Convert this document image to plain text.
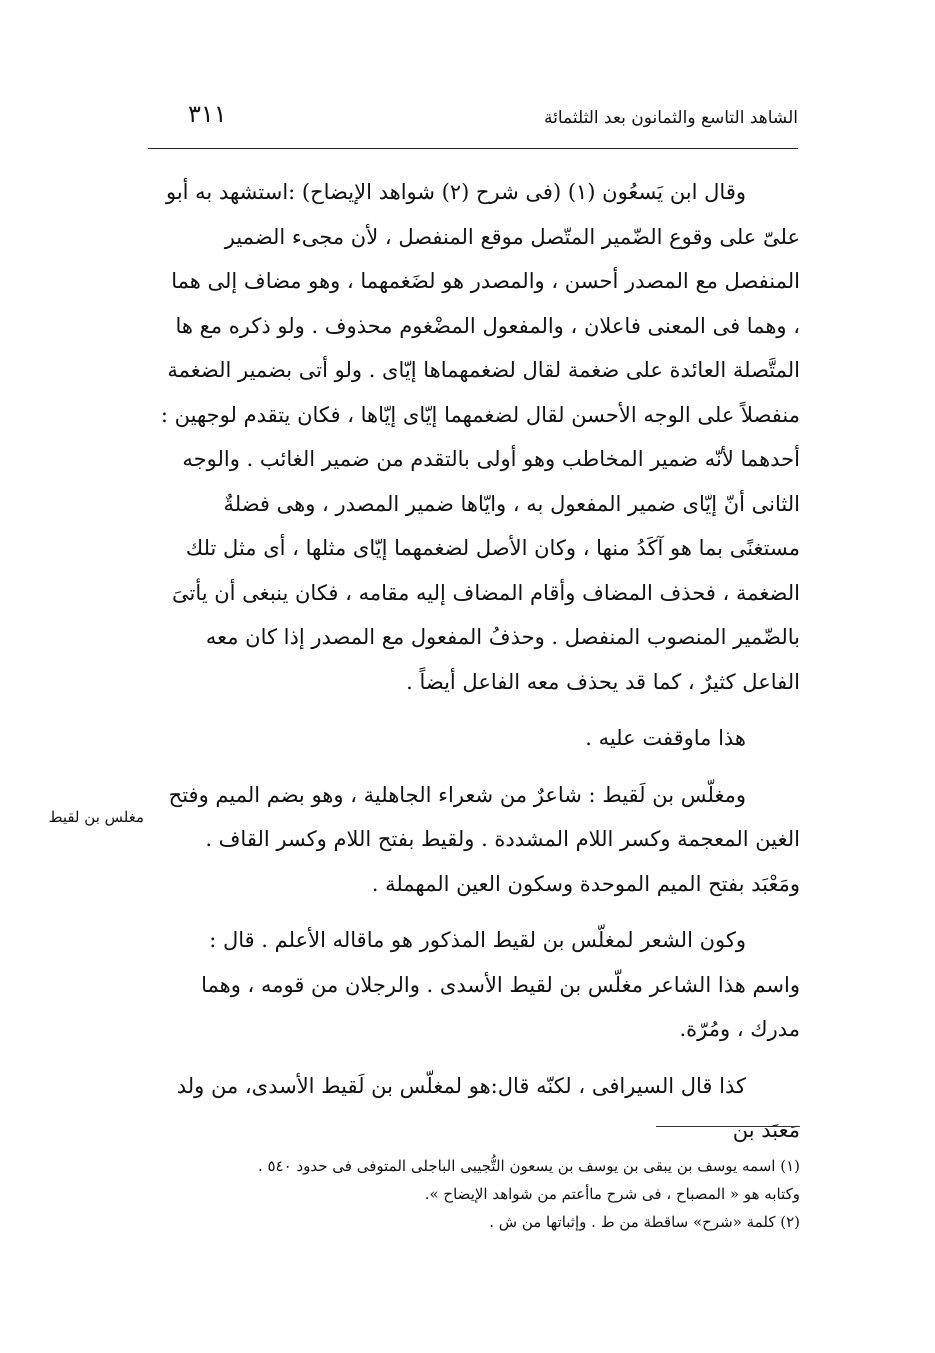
الشاهد التاسع والثمانون بعد الثلثمائة
٣١١

وقال ابن يَسعُون (١) (فى شرح (٢) شواهد الإيضاح) :استشهد به أبو علىّ على وقوع الضّمير المتّصل موقع المنفصل ، لأن مجىء الضمير المنفصل مع المصدر أحسن ، والمصدر هو لضَغمهما ، وهو مضاف إلى هما ، وهما فى المعنى فاعلان ، والمفعول المضْغوم محذوف . ولو ذكره مع ها المتَّصلة العائدة على ضغمة لقال لضغمهماها إيّاى . ولو أتى بضمير الضغمة منفصلاً على الوجه الأحسن لقال لضغمهما إيّاى إيّاها ، فكان يتقدم لوجهين : أحدهما لأنّه ضمير المخاطب وهو أولى بالتقدم من ضمير الغائب . والوجه الثانى أنّ إيّاى ضمير المفعول به ، وايّاها ضمير المصدر ، وهى فضلةٌ مستغنًى بما هو آكَدُ منها ، وكان الأصل لضغمهما إيّاى مثلها ، أى مثل تلك الضغمة ، فحذف المضاف وأقام المضاف إليه مقامه ، فكان ينبغى أن يأتىَ بالضّمير المنصوب المنفصل . وحذفُ المفعول مع المصدر إذا كان معه الفاعل كثيرٌ ، كما قد يحذف معه الفاعل أيضاً .

هذا ماوقفت عليه .

ومغلّس بن لَقيط : شاعرٌ من شعراء الجاهلية ، وهو بضم الميم وفتح الغين المعجمة وكسر اللام المشددة . ولقيط بفتح اللام وكسر القاف . ومَعْبَد بفتح الميم الموحدة وسكون العين المهملة .

وكون الشعر لمغلّس بن لقيط المذكور هو ماقاله الأعلم . قال : واسم هذا الشاعر مغلّس بن لقيط الأسدى . والرجلان من قومه ، وهما مدرك ، ومُرّة.

كذا قال السيرافى ، لكنّه قال:هو لمغلّس بن لَقيط الأسدى، من ولد مَعبَد بن

مغلس بن لقيط

(١) اسمه يوسف بن يبقى بن يوسف بن يسعون التُّجيبى الباجلى المتوفى فى حدود ٥٤٠ .

وكتابه هو « المصباح ، فى شرح ماأعتم من شواهد الإيضاح ».

(٢) كلمة «شرح» ساقطة من ط . وإثباتها من ش .
